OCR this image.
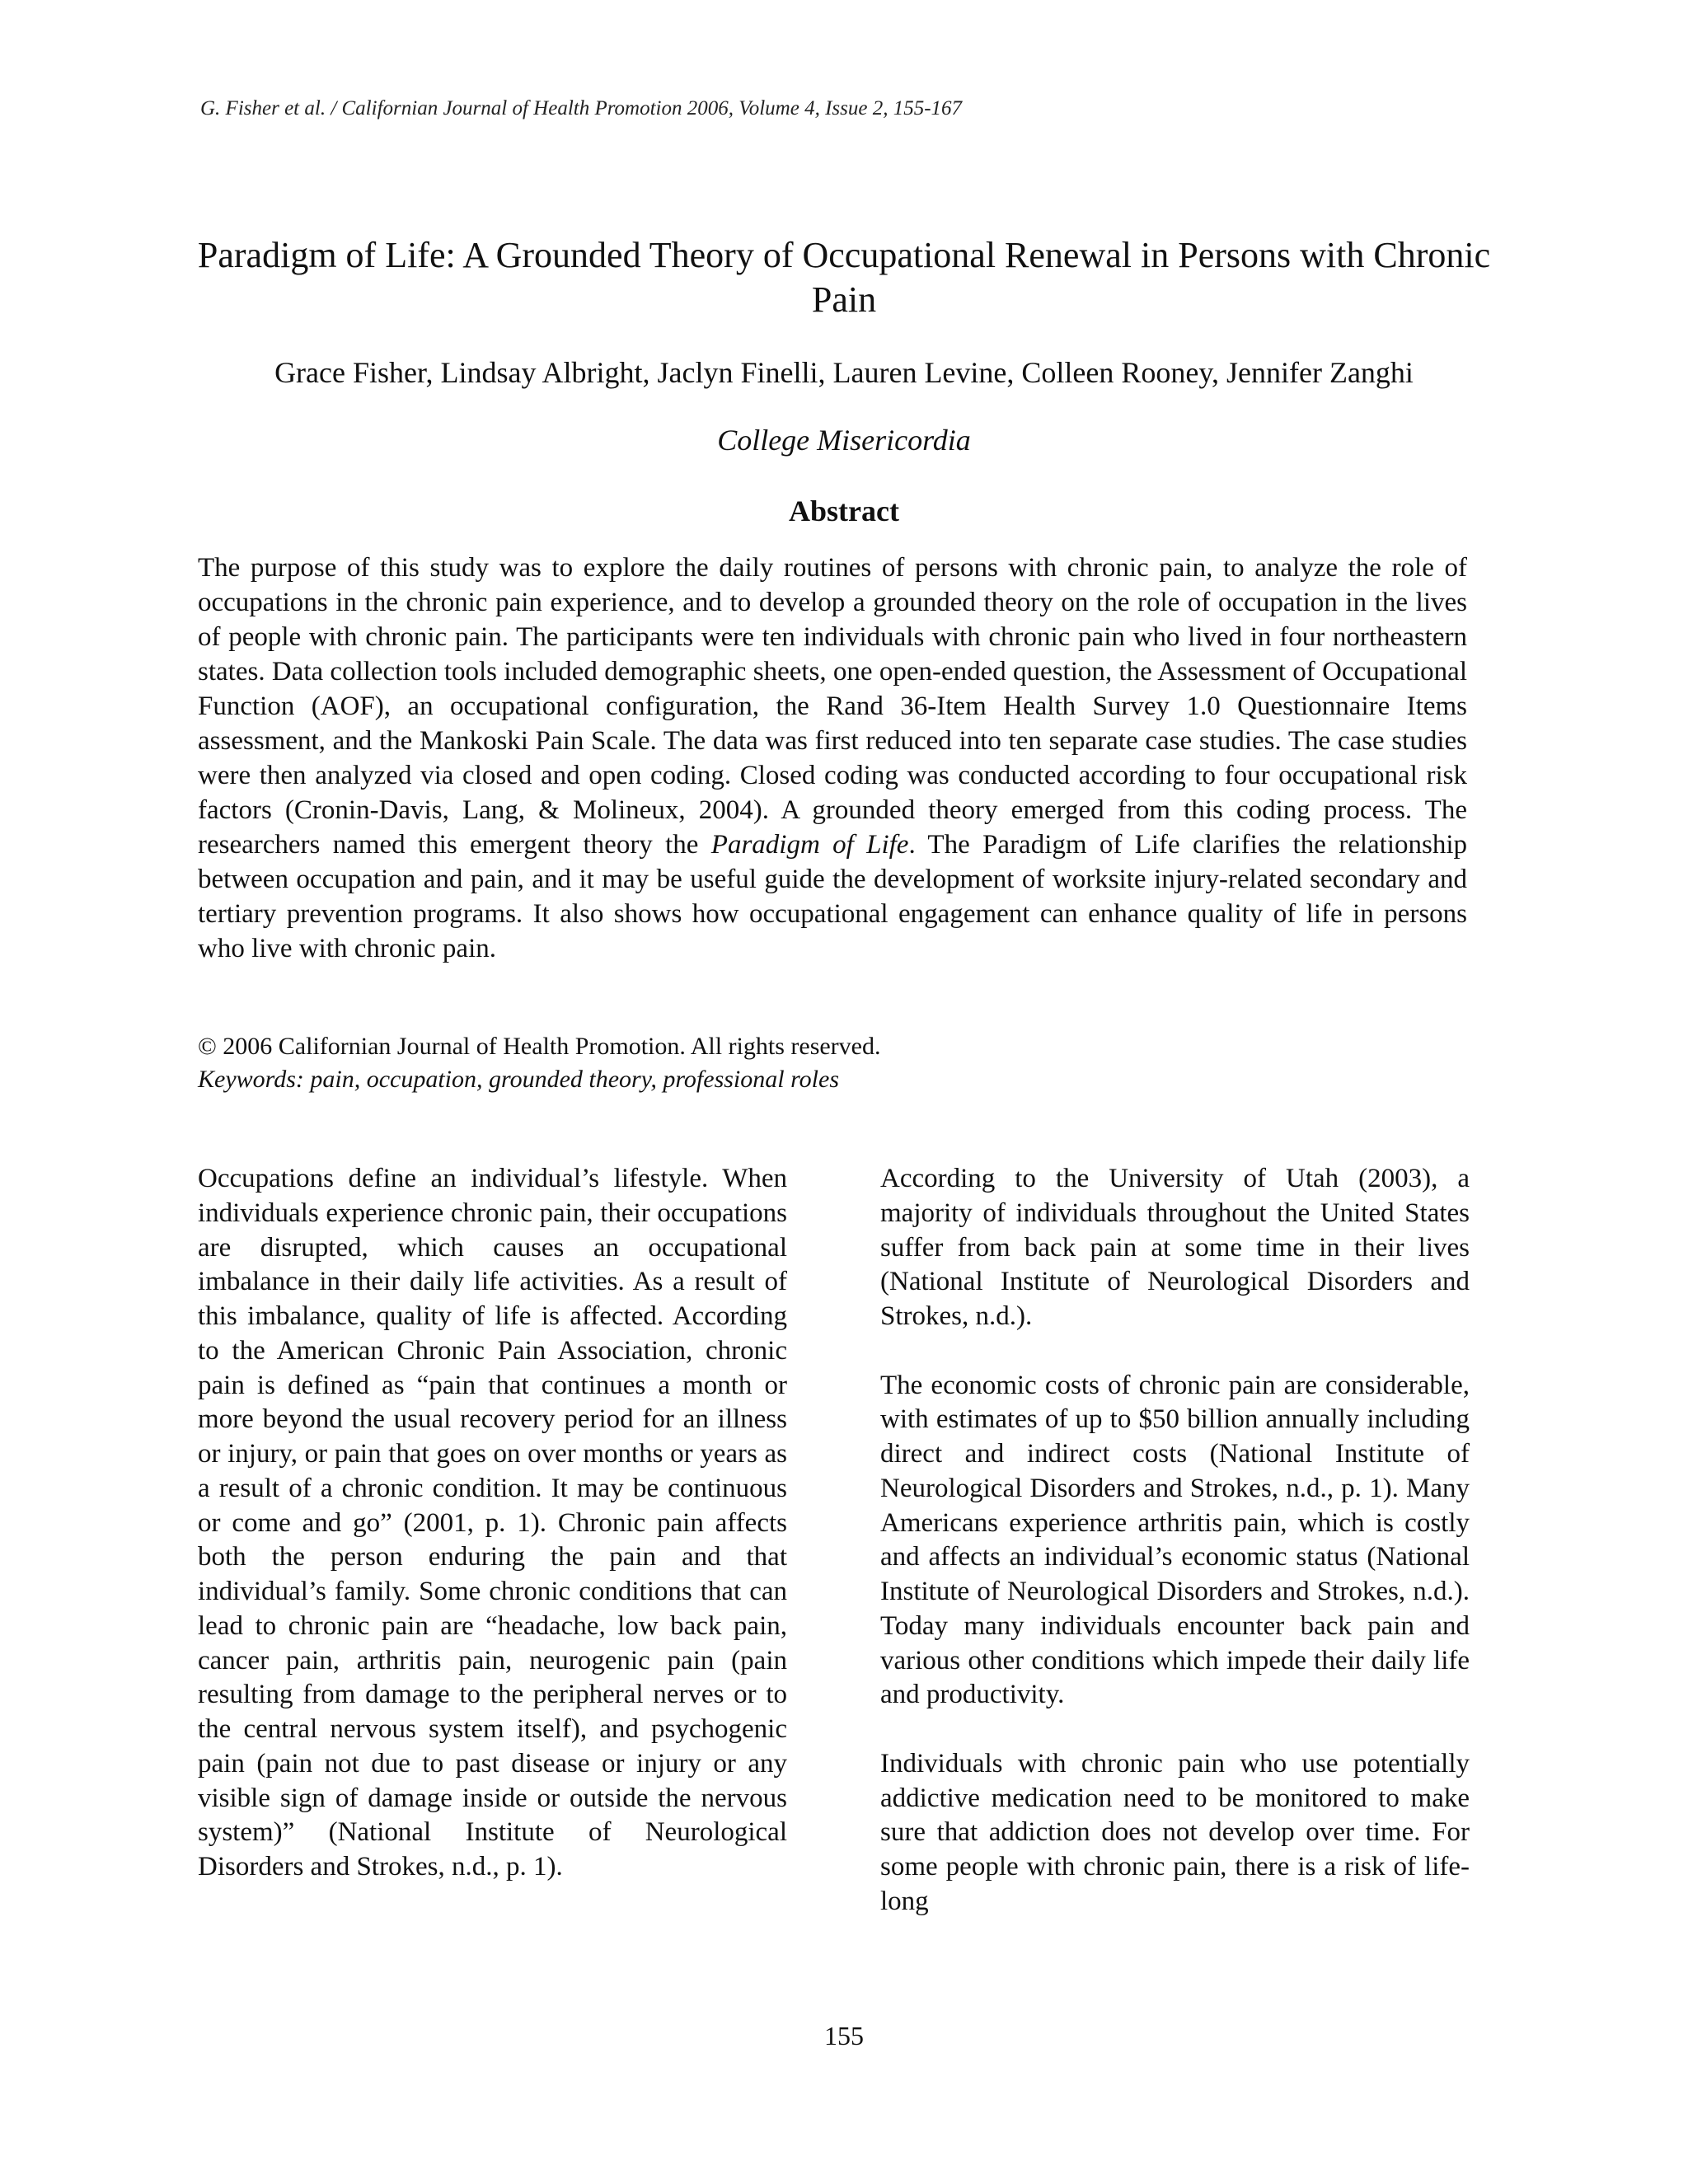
G. Fisher et al. / Californian Journal of Health Promotion 2006, Volume 4, Issue 2, 155-167
Paradigm of Life: A Grounded Theory of Occupational Renewal in Persons with Chronic Pain
Grace Fisher, Lindsay Albright, Jaclyn Finelli, Lauren Levine, Colleen Rooney, Jennifer Zanghi
College Misericordia
Abstract

The purpose of this study was to explore the daily routines of persons with chronic pain, to analyze the role of occupations in the chronic pain experience, and to develop a grounded theory on the role of occupation in the lives of people with chronic pain. The participants were ten individuals with chronic pain who lived in four northeastern states. Data collection tools included demographic sheets, one open-ended question, the Assessment of Occupational Function (AOF), an occupational configuration, the Rand 36-Item Health Survey 1.0 Questionnaire Items assessment, and the Mankoski Pain Scale. The data was first reduced into ten separate case studies. The case studies were then analyzed via closed and open coding. Closed coding was conducted according to four occupational risk factors (Cronin-Davis, Lang, & Molineux, 2004). A grounded theory emerged from this coding process. The researchers named this emergent theory the Paradigm of Life. The Paradigm of Life clarifies the relationship between occupation and pain, and it may be useful guide the development of worksite injury-related secondary and tertiary prevention programs. It also shows how occupational engagement can enhance quality of life in persons who live with chronic pain.

© 2006 Californian Journal of Health Promotion. All rights reserved.
Keywords: pain, occupation, grounded theory, professional roles

Occupations define an individual’s lifestyle. When individuals experience chronic pain, their occupations are disrupted, which causes an occupational imbalance in their daily life activities. As a result of this imbalance, quality of life is affected. According to the American Chronic Pain Association, chronic pain is defined as “pain that continues a month or more beyond the usual recovery period for an illness or injury, or pain that goes on over months or years as a result of a chronic condition. It may be continuous or come and go” (2001, p. 1). Chronic pain affects both the person enduring the pain and that individual’s family. Some chronic conditions that can lead to chronic pain are “headache, low back pain, cancer pain, arthritis pain, neurogenic pain (pain resulting from damage to the peripheral nerves or to the central nervous system itself), and psychogenic pain (pain not due to past disease or injury or any visible sign of damage inside or outside the nervous system)” (National Institute of Neurological Disorders and Strokes, n.d., p. 1).

According to the University of Utah (2003), a majority of individuals throughout the United States suffer from back pain at some time in their lives (National Institute of Neurological Disorders and Strokes, n.d.).

The economic costs of chronic pain are considerable, with estimates of up to $50 billion annually including direct and indirect costs (National Institute of Neurological Disorders and Strokes, n.d., p. 1). Many Americans experience arthritis pain, which is costly and affects an individual’s economic status (National Institute of Neurological Disorders and Strokes, n.d.). Today many individuals encounter back pain and various other conditions which impede their daily life and productivity.

Individuals with chronic pain who use potentially addictive medication need to be monitored to make sure that addiction does not develop over time. For some people with chronic pain, there is a risk of life-long

155
